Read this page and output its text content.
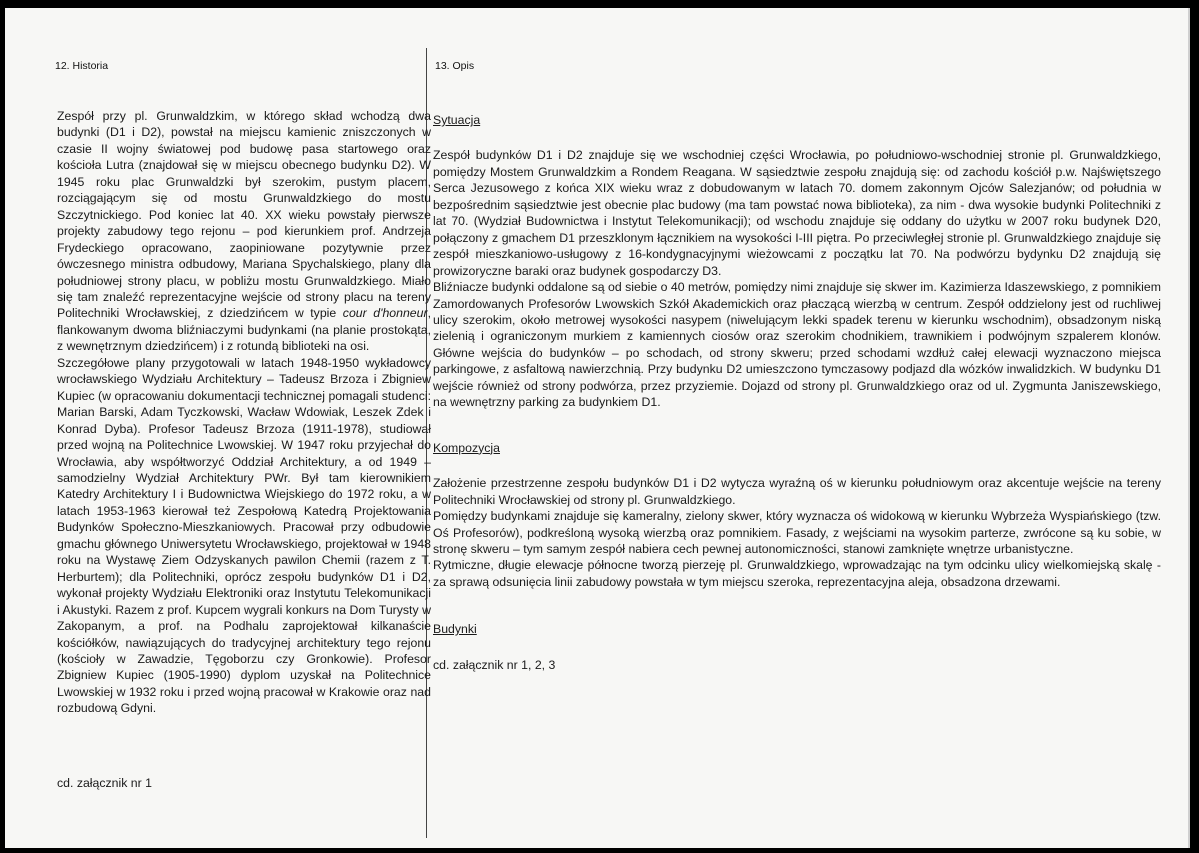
12. Historia	13. Opis

Zespół przy pl. Grunwaldzkim, w którego skład wchodzą dwa budynki (D1 i D2), powstał na miejscu kamienic zniszczonych w czasie II wojny światowej pod budowę pasa startowego oraz kościoła Lutra (znajdował się w miejscu obecnego budynku D2). W 1945 roku plac Grunwaldzki był szerokim, pustym placem, rozciągającym się od mostu Grunwaldzkiego do mostu Szczytnickiego. Pod koniec lat 40. XX wieku powstały pierwsze projekty zabudowy tego rejonu – pod kierunkiem prof. Andrzeja Frydeckiego opracowano, zaopiniowane pozytywnie przez ówczesnego ministra odbudowy, Mariana Spychalskiego, plany dla południowej strony placu, w pobliżu mostu Grunwaldzkiego. Miało się tam znaleźć reprezentacyjne wejście od strony placu na tereny Politechniki Wrocławskiej, z dziedzińcem w typie cour d'honneur, flankowanym dwoma bliźniaczymi budynkami (na planie prostokąta, z wewnętrznym dziedzińcem) i z rotundą biblioteki na osi.

Szczegółowe plany przygotowali w latach 1948-1950 wykładowcy wrocławskiego Wydziału Architektury – Tadeusz Brzoza i Zbigniew Kupiec (w opracowaniu dokumentacji technicznej pomagali studenci: Marian Barski, Adam Tyczkowski, Wacław Wdowiak, Leszek Zdek i Konrad Dyba). Profesor Tadeusz Brzoza (1911-1978), studiował przed wojną na Politechnice Lwowskiej. W 1947 roku przyjechał do Wrocławia, aby współtworzyć Oddział Architektury, a od 1949 – samodzielny Wydział Architektury PWr. Był tam kierownikiem Katedry Architektury I i Budownictwa Wiejskiego do 1972 roku, a w latach 1953-1963 kierował też Zespołową Katedrą Projektowania Budynków Społeczno-Mieszkaniowych. Pracował przy odbudowie gmachu głównego Uniwersytetu Wrocławskiego, projektował w 1948 roku na Wystawę Ziem Odzyskanych pawilon Chemii (razem z T. Herburtem); dla Politechniki, oprócz zespołu budynków D1 i D2, wykonał projekty Wydziału Elektroniki oraz Instytutu Telekomunikacji i Akustyki. Razem z prof. Kupcem wygrali konkurs na Dom Turysty w Zakopanym, a prof. na Podhalu zaprojektował kilkanaście kościółków, nawiązujących do tradycyjnej architektury tego rejonu (kościoły w Zawadzie, Tęgoborzu czy Gronkowie). Profesor Zbigniew Kupiec (1905-1990) dyplom uzyskał na Politechnice Lwowskiej w 1932 roku i przed wojną pracował w Krakowie oraz nad rozbudową Gdyni.

cd. załącznik nr 1
Sytuacja

Zespół budynków D1 i D2 znajduje się we wschodniej części Wrocławia, po południowo-wschodniej stronie pl. Grunwaldzkiego, pomiędzy Mostem Grunwaldzkim a Rondem Reagana. W sąsiedztwie zespołu znajdują się: od zachodu kościół p.w. Najświętszego Serca Jezusowego z końca XIX wieku wraz z dobudowanym w latach 70. domem zakonnym Ojców Salezjanów; od południa w bezpośrednim sąsiedztwie jest obecnie plac budowy (ma tam powstać nowa biblioteka), za nim - dwa wysokie budynki Politechniki z lat 70. (Wydział Budownictwa i Instytut Telekomunikacji); od wschodu znajduje się oddany do użytku w 2007 roku budynek D20, połączony z gmachem D1 przeszklonym łącznikiem na wysokości I-III piętra. Po przeciwległej stronie pl. Grunwaldzkiego znajduje się zespół mieszkaniowo-usługowy z 16-kondygnacyjnymi wieżowcami z początku lat 70. Na podwórzu bydynku D2 znajdują się prowizoryczne baraki oraz budynek gospodarczy D3.

Bliźniacze budynki oddalone są od siebie o 40 metrów, pomiędzy nimi znajduje się skwer im. Kazimierza Idaszewskiego, z pomnikiem Zamordowanych Profesorów Lwowskich Szkół Akademickich oraz płaczącą wierzbą w centrum. Zespół oddzielony jest od ruchliwej ulicy szerokim, około metrowej wysokości nasypem (niwelującym lekki spadek terenu w kierunku wschodnim), obsadzonym niską zielenią i ograniczonym murkiem z kamiennych ciosów oraz szerokim chodnikiem, trawnikiem i podwójnym szpalerem klonów. Główne wejścia do budynków – po schodach, od strony skweru; przed schodami wzdłuż całej elewacji wyznaczono miejsca parkingowe, z asfaltową nawierzchnią. Przy budynku D2 umieszczono tymczasowy podjazd dla wózków inwalidzkich. W budynku D1 wejście również od strony podwórza, przez przyziemie. Dojazd od strony pl. Grunwaldzkiego oraz od ul. Zygmunta Janiszewskiego, na wewnętrzny parking za budynkiem D1.

Kompozycja

Założenie przestrzenne zespołu budynków D1 i D2 wytycza wyraźną oś w kierunku południowym oraz akcentuje wejście na tereny Politechniki Wrocławskiej od strony pl. Grunwaldzkiego.

Pomiędzy budynkami znajduje się kameralny, zielony skwer, który wyznacza oś widokową w kierunku Wybrzeża Wyspiańskiego (tzw. Oś Profesorów), podkreśloną wysoką wierzbą oraz pomnikiem. Fasady, z wejściami na wysokim parterze, zwrócone są ku sobie, w stronę skweru – tym samym zespół nabiera cech pewnej autonomiczności, stanowi zamknięte wnętrze urbanistyczne.

Rytmiczne, długie elewacje północne tworzą pierzeję pl. Grunwaldzkiego, wprowadzając na tym odcinku ulicy wielkomiejską skalę - za sprawą odsunięcia linii zabudowy powstała w tym miejscu szeroka, reprezentacyjna aleja, obsadzona drzewami.

Budynki

cd. załącznik nr 1, 2, 3
